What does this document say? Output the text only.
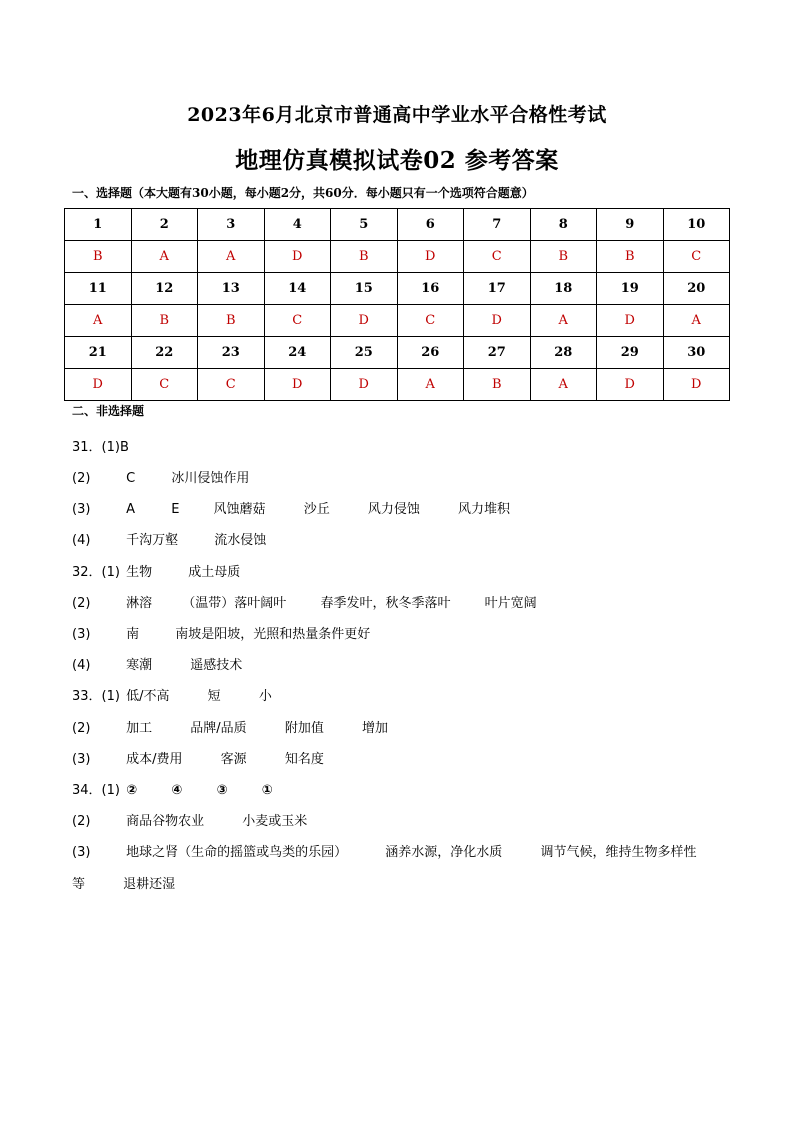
2023年6月北京市普通高中学业水平合格性考试
地理仿真模拟试卷02 参考答案
一、选择题（本大题有30小题，每小题2分，共60分．每小题只有一个选项符合题意）
1	2	3	4	5	6	7	8	9	10
B	A	A	D	B	D	C	B	B	C
11	12	13	14	15	16	17	18	19	20
A	B	B	C	D	C	D	A	D	A
21	22	23	24	25	26	27	28	29	30
D	C	C	D	D	A	B	A	D	D
二、非选择题
31．(1)B
(2)	C	冰川侵蚀作用
(3)	A	E	风蚀蘑菇	沙丘	风力侵蚀	风力堆积
(4)	千沟万壑	流水侵蚀
32．(1) 生物	成土母质
(2)	淋溶 （温带）落叶阔叶	春季发叶，秋冬季落叶	叶片宽阔
(3)	南	南坡是阳坡，光照和热量条件更好
(4)	寒潮	遥感技术
33．(1) 低/不高	短	小
(2)	加工	品牌/品质	附加值	增加
(3)	成本/费用	客源	知名度
34．(1) ②	④	③	①
(2)	商品谷物农业	小麦或玉米
(3)	地球之肾（生命的摇篮或鸟类的乐园）	涵养水源，净化水质	调节气候，维持生物多样性
等	退耕还湿
